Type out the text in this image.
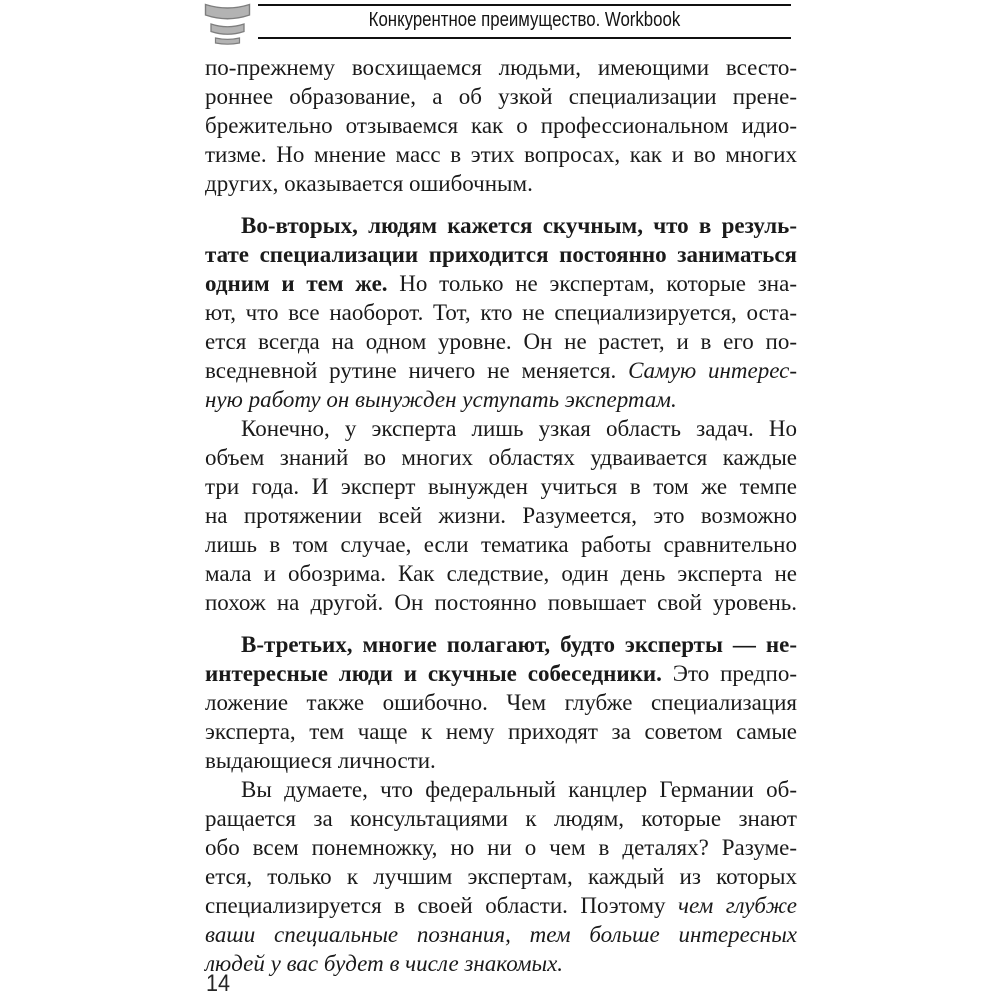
Конкурентное преимущество. Workbook
по-прежнему восхищаемся людьми, имеющими всесто-
роннее образование, а об узкой специализации прене-
брежительно отзываемся как о профессиональном идио-
тизме. Но мнение масс в этих вопросах, как и во многих
других, оказывается ошибочным.
Во-вторых, людям кажется скучным, что в резуль-
тате специализации приходится постоянно заниматься
одним и тем же. Но только не экспертам, которые зна-
ют, что все наоборот. Тот, кто не специализируется, оста-
ется всегда на одном уровне. Он не растет, и в его по-
вседневной рутине ничего не меняется. Самую интерес-
ную работу он вынужден уступать экспертам.
Конечно, у эксперта лишь узкая область задач. Но
объем знаний во многих областях удваивается каждые
три года. И эксперт вынужден учиться в том же темпе
на протяжении всей жизни. Разумеется, это возможно
лишь в том случае, если тематика работы сравнительно
мала и обозрима. Как следствие, один день эксперта не
похож на другой. Он постоянно повышает свой уровень.
В-третьих, многие полагают, будто эксперты — не-
интересные люди и скучные собеседники. Это предпо-
ложение также ошибочно. Чем глубже специализация
эксперта, тем чаще к нему приходят за советом самые
выдающиеся личности.
Вы думаете, что федеральный канцлер Германии об-
ращается за консультациями к людям, которые знают
обо всем понемножку, но ни о чем в деталях? Разуме-
ется, только к лучшим экспертам, каждый из которых
специализируется в своей области. Поэтому чем глубже
ваши специальные познания, тем больше интересных
людей у вас будет в числе знакомых.
14
